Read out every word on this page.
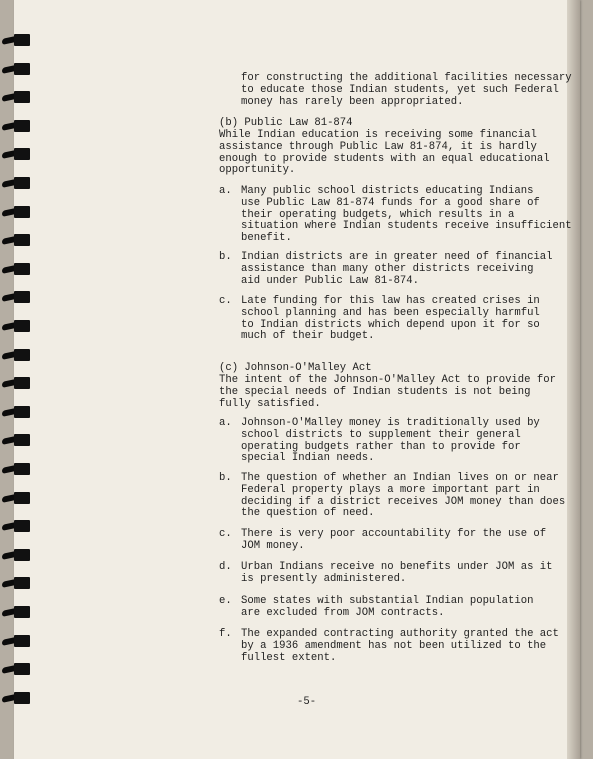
for constructing the additional facilities necessary
to educate those Indian students, yet such Federal
money has rarely been appropriated.

(b) Public Law 81-874

While Indian education is receiving some financial
assistance through Public Law 81-874, it is hardly
enough to provide students with an equal educational
opportunity.

a. Many public school districts educating Indians
use Public Law 81-874 funds for a good share of
their operating budgets, which results in a
situation where Indian students receive insufficient
benefit.

b. Indian districts are in greater need of financial
assistance than many other districts receiving
aid under Public Law 81-874.

c. Late funding for this law has created crises in
school planning and has been especially harmful
to Indian districts which depend upon it for so
much of their budget.

(c) Johnson-O'Malley Act

The intent of the Johnson-O'Malley Act to provide for
the special needs of Indian students is not being
fully satisfied.

a. Johnson-O'Malley money is traditionally used by
school districts to supplement their general
operating budgets rather than to provide for
special Indian needs.

b. The question of whether an Indian lives on or near
Federal property plays a more important part in
deciding if a district receives JOM money than does
the question of need.

c. There is very poor accountability for the use of
JOM money.

d. Urban Indians receive no benefits under JOM as it
is presently administered.

e. Some states with substantial Indian population
are excluded from JOM contracts.

f. The expanded contracting authority granted the act
by a 1936 amendment has not been utilized to the
fullest extent.

-5-
